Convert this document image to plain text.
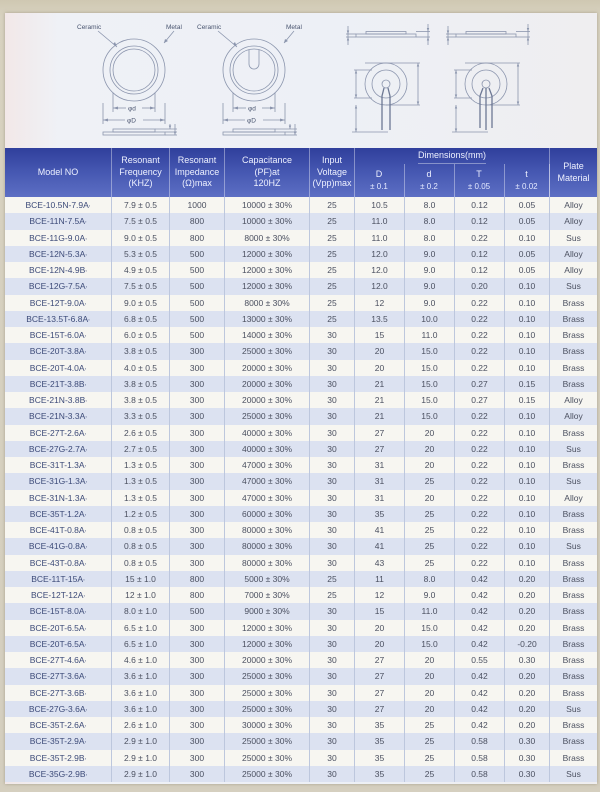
Ceramic	Metal
φd
φD
Ceramic	Metal
φd
φD
Model NO
Resonant
Frequency
(KHZ)
Resonant
Impedance
(Ω)max
Capacitance
(PF)at
120HZ
Input
Voltage
(Vpp)max
Dimensions(mm)
D
± 0.1
d
± 0.2
T
± 0.05
t
± 0.02
Plate
Material
BCE-10.5N-7.9A ,	7.9 ± 0.5	1000	10000 ± 30%	25	10.5	8.0	0.12	0.05	Alloy
BCE-11N-7.5A ,	7.5 ± 0.5	800	10000 ± 30%	25	11.0	8.0	0.12	0.05	Alloy
BCE-11G-9.0A ,	9.0 ± 0.5	800	8000 ± 30%	25	11.0	8.0	0.22	0.10	Sus
BCE-12N-5.3A ,	5.3 ± 0.5	500	12000 ± 30%	25	12.0	9.0	0.12	0.05	Alloy
BCE-12N-4.9B ,	4.9 ± 0.5	500	12000 ± 30%	25	12.0	9.0	0.12	0.05	Alloy
BCE-12G-7.5A ,	7.5 ± 0.5	500	12000 ± 30%	25	12.0	9.0	0.20	0.10	Sus
BCE-12T-9.0A ,	9.0 ± 0.5	500	8000 ± 30%	25	12	9.0	0.22	0.10	Brass
BCE-13.5T-6.8A ,	6.8 ± 0.5	500	13000 ± 30%	25	13.5	10.0	0.22	0.10	Brass
BCE-15T-6.0A ,	6.0 ± 0.5	500	14000 ± 30%	30	15	11.0	0.22	0.10	Brass
BCE-20T-3.8A ,	3.8 ± 0.5	300	25000 ± 30%	30	20	15.0	0.22	0.10	Brass
BCE-20T-4.0A ,	4.0 ± 0.5	300	20000 ± 30%	30	20	15.0	0.22	0.10	Brass
BCE-21T-3.8B ,	3.8 ± 0.5	300	20000 ± 30%	30	21	15.0	0.27	0.15	Brass
BCE-21N-3.8B ,	3.8 ± 0.5	300	20000 ± 30%	30	21	15.0	0.27	0.15	Alloy
BCE-21N-3.3A ,	3.3 ± 0.5	300	25000 ± 30%	30	21	15.0	0.22	0.10	Alloy
BCE-27T-2.6A ,	2.6 ± 0.5	300	40000 ± 30%	30	27	20	0.22	0.10	Brass
BCE-27G-2.7A ,	2.7 ± 0.5	300	40000 ± 30%	30	27	20	0.22	0.10	Sus
BCE-31T-1.3A ,	1.3 ± 0.5	300	47000 ± 30%	30	31	20	0.22	0.10	Brass
BCE-31G-1.3A ,	1.3 ± 0.5	300	47000 ± 30%	30	31	25	0.22	0.10	Sus
BCE-31N-1.3A ,	1.3 ± 0.5	300	47000 ± 30%	30	31	20	0.22	0.10	Alloy
BCE-35T-1.2A ,	1.2 ± 0.5	300	60000 ± 30%	30	35	25	0.22	0.10	Brass
BCE-41T-0.8A ,	0.8 ± 0.5	300	80000 ± 30%	30	41	25	0.22	0.10	Brass
BCE-41G-0.8A ,	0.8 ± 0.5	300	80000 ± 30%	30	41	25	0.22	0.10	Sus
BCE-43T-0.8A ,	0.8 ± 0.5	300	80000 ± 30%	30	43	25	0.22	0.10	Brass
BCE-11T-15A ,	15 ± 1.0	800	5000 ± 30%	25	11	8.0	0.42	0.20	Brass
BCE-12T-12A ,	12 ± 1.0	800	7000 ± 30%	25	12	9.0	0.42	0.20	Brass
BCE-15T-8.0A ,	8.0 ± 1.0	500	9000 ± 30%	30	15	11.0	0.42	0.20	Brass
BCE-20T-6.5A ,	6.5 ± 1.0	300	12000 ± 30%	30	20	15.0	0.42	0.20	Brass
BCE-20T-6.5A ,	6.5 ± 1.0	300	12000 ± 30%	30	20	15.0	0.42	-0.20	Brass
BCE-27T-4.6A ,	4.6 ± 1.0	300	20000 ± 30%	30	27	20	0.55	0.30	Brass
BCE-27T-3.6A ,	3.6 ± 1.0	300	25000 ± 30%	30	27	20	0.42	0.20	Brass
BCE-27T-3.6B ,	3.6 ± 1.0	300	25000 ± 30%	30	27	20	0.42	0.20	Brass
BCE-27G-3.6A ,	3.6 ± 1.0	300	25000 ± 30%	30	27	20	0.42	0.20	Sus
BCE-35T-2.6A ,	2.6 ± 1.0	300	30000 ± 30%	30	35	25	0.42	0.20	Brass
BCE-35T-2.9A ,	2.9 ± 1.0	300	25000 ± 30%	30	35	25	0.58	0.30	Brass
BCE-35T-2.9B ,	2.9 ± 1.0	300	25000 ± 30%	30	35	25	0.58	0.30	Brass
BCE-35G-2.9B ,	2.9 ± 1.0	300	25000 ± 30%	30	35	25	0.58	0.30	Sus
